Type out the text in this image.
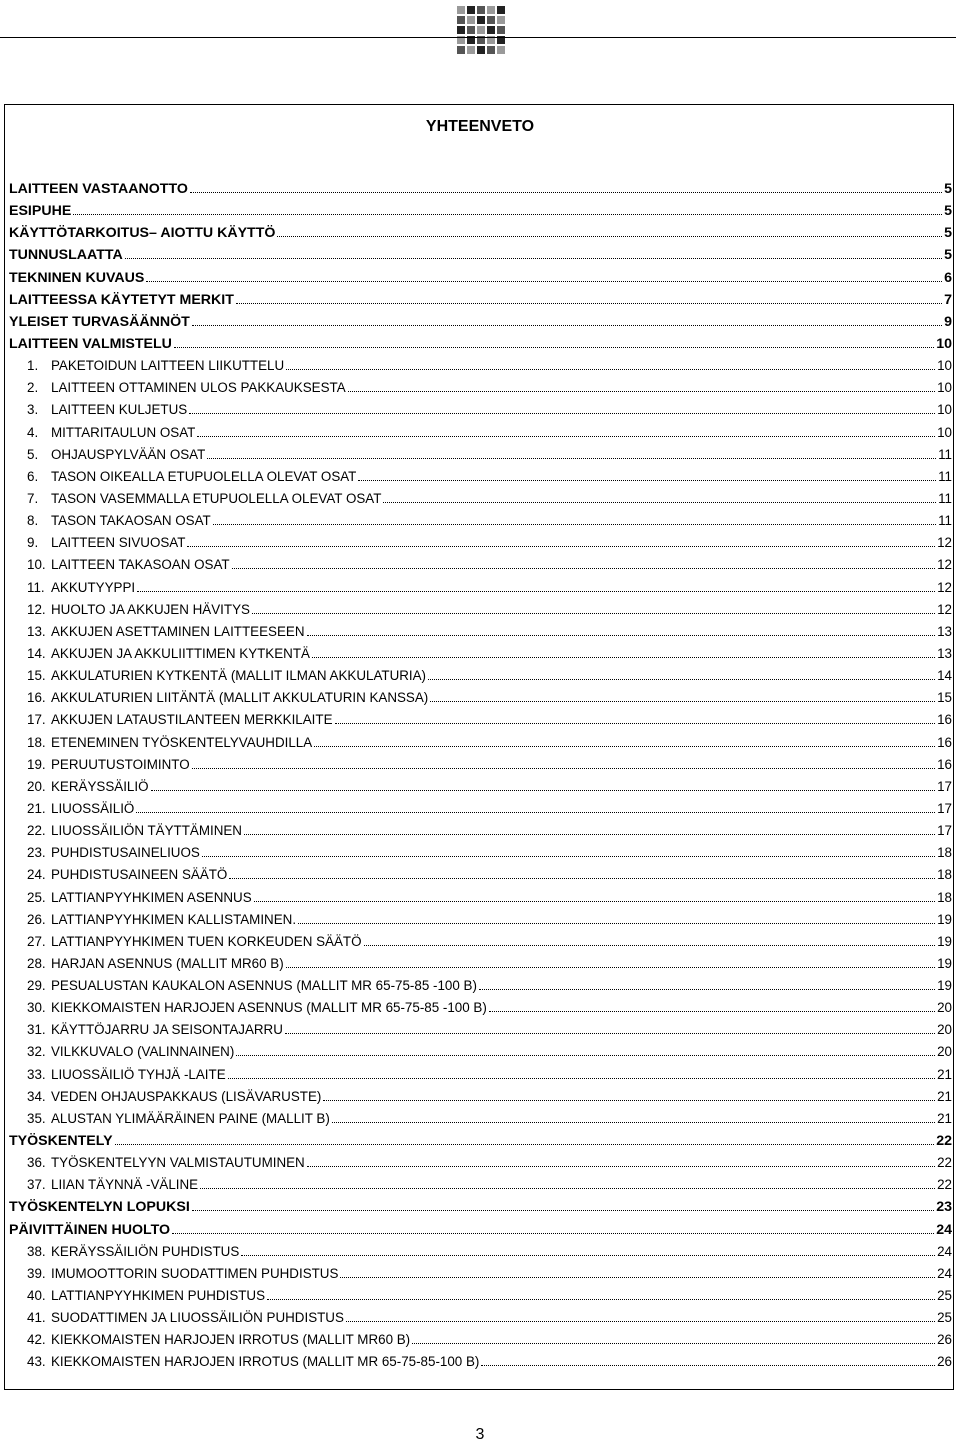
YHTEENVETO
LAITTEEN VASTAANOTTO	5
ESIPUHE	5
KÄYTTÖTARKOITUS– AIOTTU KÄYTTÖ	5
TUNNUSLAATTA	5
TEKNINEN KUVAUS	6
LAITTEESSA KÄYTETYT MERKIT	7
YLEISET TURVASÄÄNNÖT	9
LAITTEEN VALMISTELU	10
1. PAKETOIDUN LAITTEEN LIIKUTTELU	10
2. LAITTEEN OTTAMINEN ULOS PAKKAUKSESTA	10
3. LAITTEEN KULJETUS	10
4. MITTARITAULUN OSAT	10
5. OHJAUSPYLVÄÄN OSAT	11
6. TASON OIKEALLA ETUPUOLELLA OLEVAT OSAT	11
7. TASON VASEMMALLA ETUPUOLELLA OLEVAT OSAT	11
8. TASON TAKAOSAN OSAT	11
9. LAITTEEN SIVUOSAT	12
10. LAITTEEN TAKASOAN OSAT	12
11. AKKUTYYPPI	12
12. HUOLTO JA AKKUJEN HÄVITYS	12
13. AKKUJEN ASETTAMINEN LAITTEESEEN	13
14. AKKUJEN JA AKKULIITTIMEN KYTKENTÄ	13
15. AKKULATURIEN KYTKENTÄ (MALLIT ILMAN AKKULATURIA)	14
16. AKKULATURIEN LIITÄNTÄ (MALLIT AKKULATURIN KANSSA)	15
17. AKKUJEN LATAUSTILANTEEN MERKKILAITE	16
18. ETENEMINEN TYÖSKENTELYVAUHDILLA	16
19. PERUUTUSTOIMINTO	16
20. KERÄYSSÄILIÖ	17
21. LIUOSSÄILIÖ	17
22. LIUOSSÄILIÖN TÄYTTÄMINEN	17
23. PUHDISTUSAINELIUOS	18
24. PUHDISTUSAINEEN SÄÄTÖ	18
25. LATTIANPYYHKIMEN ASENNUS	18
26. LATTIANPYYHKIMEN KALLISTAMINEN.	19
27. LATTIANPYYHKIMEN TUEN KORKEUDEN SÄÄTÖ	19
28. HARJAN ASENNUS (MALLIT MR60 B)	19
29. PESUALUSTAN KAUKALON ASENNUS (MALLIT MR 65-75-85 -100 B)	19
30. KIEKKOMAISTEN HARJOJEN ASENNUS (MALLIT MR 65-75-85 -100 B)	20
31. KÄYTTÖJARRU JA SEISONTAJARRU	20
32. VILKKUVALO (VALINNAINEN)	20
33. LIUOSSÄILIÖ TYHJÄ -LAITE	21
34. VEDEN OHJAUSPAKKAUS (LISÄVARUSTE)	21
35. ALUSTAN YLIMÄÄRÄINEN PAINE (MALLIT B)	21
TYÖSKENTELY	22
36. TYÖSKENTELYYN VALMISTAUTUMINEN	22
37. LIIAN TÄYNNÄ -VÄLINE	22
TYÖSKENTELYN LOPUKSI	23
PÄIVITTÄINEN HUOLTO	24
38. KERÄYSSÄILIÖN PUHDISTUS	24
39. IMUMOOTTORIN SUODATTIMEN PUHDISTUS	24
40. LATTIANPYYHKIMEN PUHDISTUS	25
41. SUODATTIMEN JA LIUOSSÄILIÖN PUHDISTUS	25
42. KIEKKOMAISTEN HARJOJEN IRROTUS (MALLIT MR60 B)	26
43. KIEKKOMAISTEN HARJOJEN IRROTUS (MALLIT MR 65-75-85-100 B)	26
3
